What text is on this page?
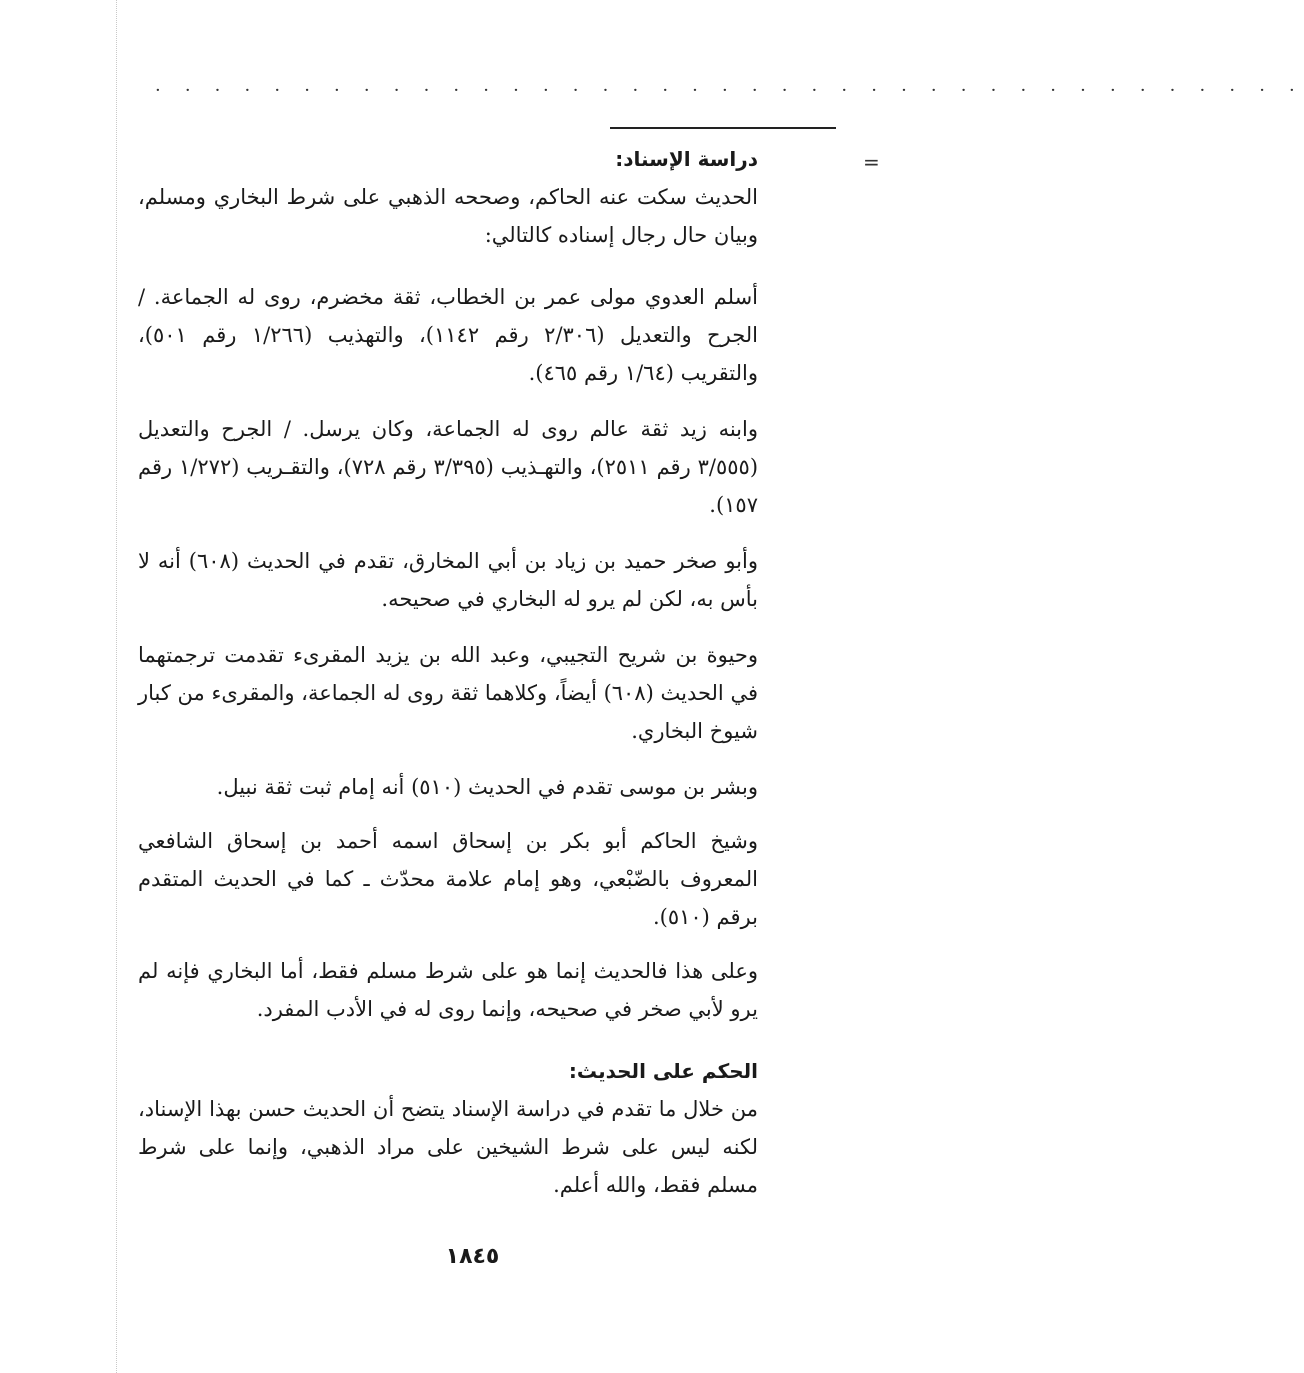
· · · · · · · · · · · · · · · · · · · · · · · · · · · · · · · · · · · · · · ·
=

دراسة الإسناد:

الحديث سكت عنه الحاكم، وصححه الذهبي على شرط البخاري ومسلم، وبيان حال رجال إسناده كالتالي:

أسلم العدوي مولى عمر بن الخطاب، ثقة مخضرم، روى له الجماعة. / الجرح والتعديل (٢/٣٠٦ رقم ١١٤٢)، والتهذيب (١/٢٦٦ رقم ٥٠١)، والتقريب (١/٦٤ رقم ٤٦٥).

وابنه زيد ثقة عالم روى له الجماعة، وكان يرسل. / الجرح والتعديل (٣/٥٥٥ رقم ٢٥١١)، والتهـذيب (٣/٣٩٥ رقم ٧٢٨)، والتقـريب (١/٢٧٢ رقم ١٥٧).

وأبو صخر حميد بن زياد بن أبي المخارق، تقدم في الحديث (٦٠٨) أنه لا بأس به، لكن لم يرو له البخاري في صحيحه.

وحيوة بن شريح التجيبي، وعبد الله بن يزيد المقرىء تقدمت ترجمتهما في الحديث (٦٠٨) أيضاً، وكلاهما ثقة روى له الجماعة، والمقرىء من كبار شيوخ البخاري.

وبشر بن موسى تقدم في الحديث (٥١٠) أنه إمام ثبت ثقة نبيل.

وشيخ الحاكم أبو بكر بن إسحاق اسمه أحمد بن إسحاق الشافعي المعروف بالضّبْعي، وهو إمام علامة محدّث ـ كما في الحديث المتقدم برقم (٥١٠).

وعلى هذا فالحديث إنما هو على شرط مسلم فقط، أما البخاري فإنه لم يرو لأبي صخر في صحيحه، وإنما روى له في الأدب المفرد.

الحكم على الحديث:

من خلال ما تقدم في دراسة الإسناد يتضح أن الحديث حسن بهذا الإسناد، لكنه ليس على شرط الشيخين على مراد الذهبي، وإنما على شرط مسلم فقط، والله أعلم.

١٨٤٥
